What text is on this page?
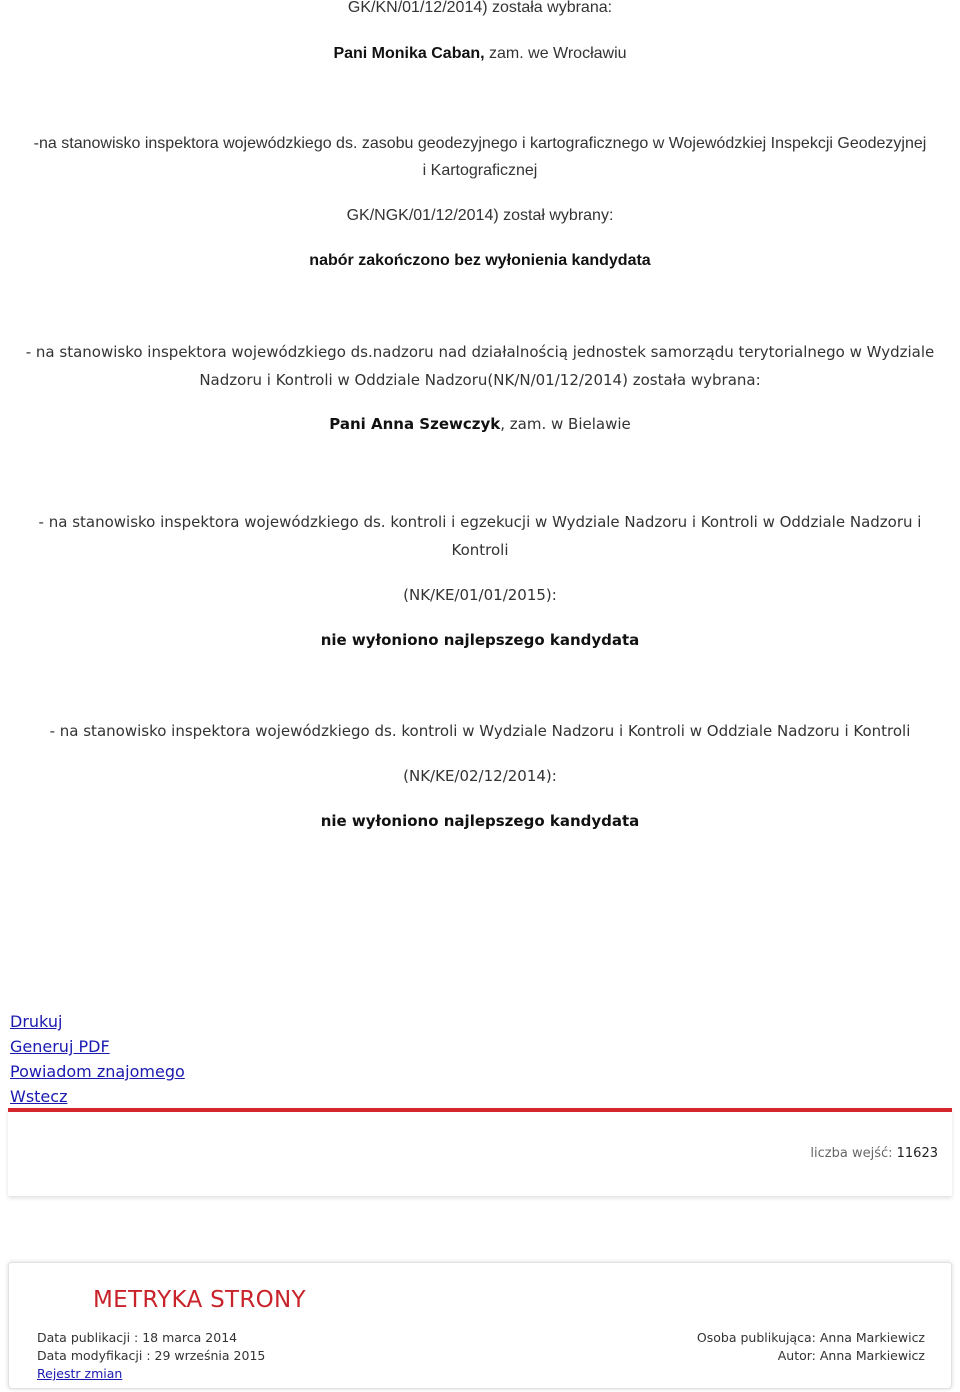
GK/KN/01/12/2014) została wybrana:
Pani Monika Caban, zam. we Wrocławiu
-na stanowisko inspektora wojewódzkiego ds. zasobu geodezyjnego i kartograficznego w Wojewódzkiej Inspekcji Geodezyjnej
i Kartograficznej
GK/NGK/01/12/2014) został wybrany:
nabór zakończono bez wyłonienia kandydata
- na stanowisko inspektora wojewódzkiego ds.nadzoru nad działalnością jednostek samorządu terytorialnego w Wydziale
Nadzoru i Kontroli w Oddziale Nadzoru(NK/N/01/12/2014) została wybrana:
Pani Anna Szewczyk, zam. w Bielawie
- na stanowisko inspektora wojewódzkiego ds. kontroli i egzekucji w Wydziale Nadzoru i Kontroli w Oddziale Nadzoru i
Kontroli
(NK/KE/01/01/2015):
nie wyłoniono najlepszego kandydata
- na stanowisko inspektora wojewódzkiego ds. kontroli w Wydziale Nadzoru i Kontroli w Oddziale Nadzoru i Kontroli
(NK/KE/02/12/2014):
nie wyłoniono najlepszego kandydata
Drukuj
Generuj PDF
Powiadom znajomego
Wstecz
liczba wejść: 11623
METRYKA STRONY
Data publikacji : 18 marca 2014
Data modyfikacji : 29 września 2015
Rejestr zmian
Osoba publikująca: Anna Markiewicz
Autor: Anna Markiewicz
